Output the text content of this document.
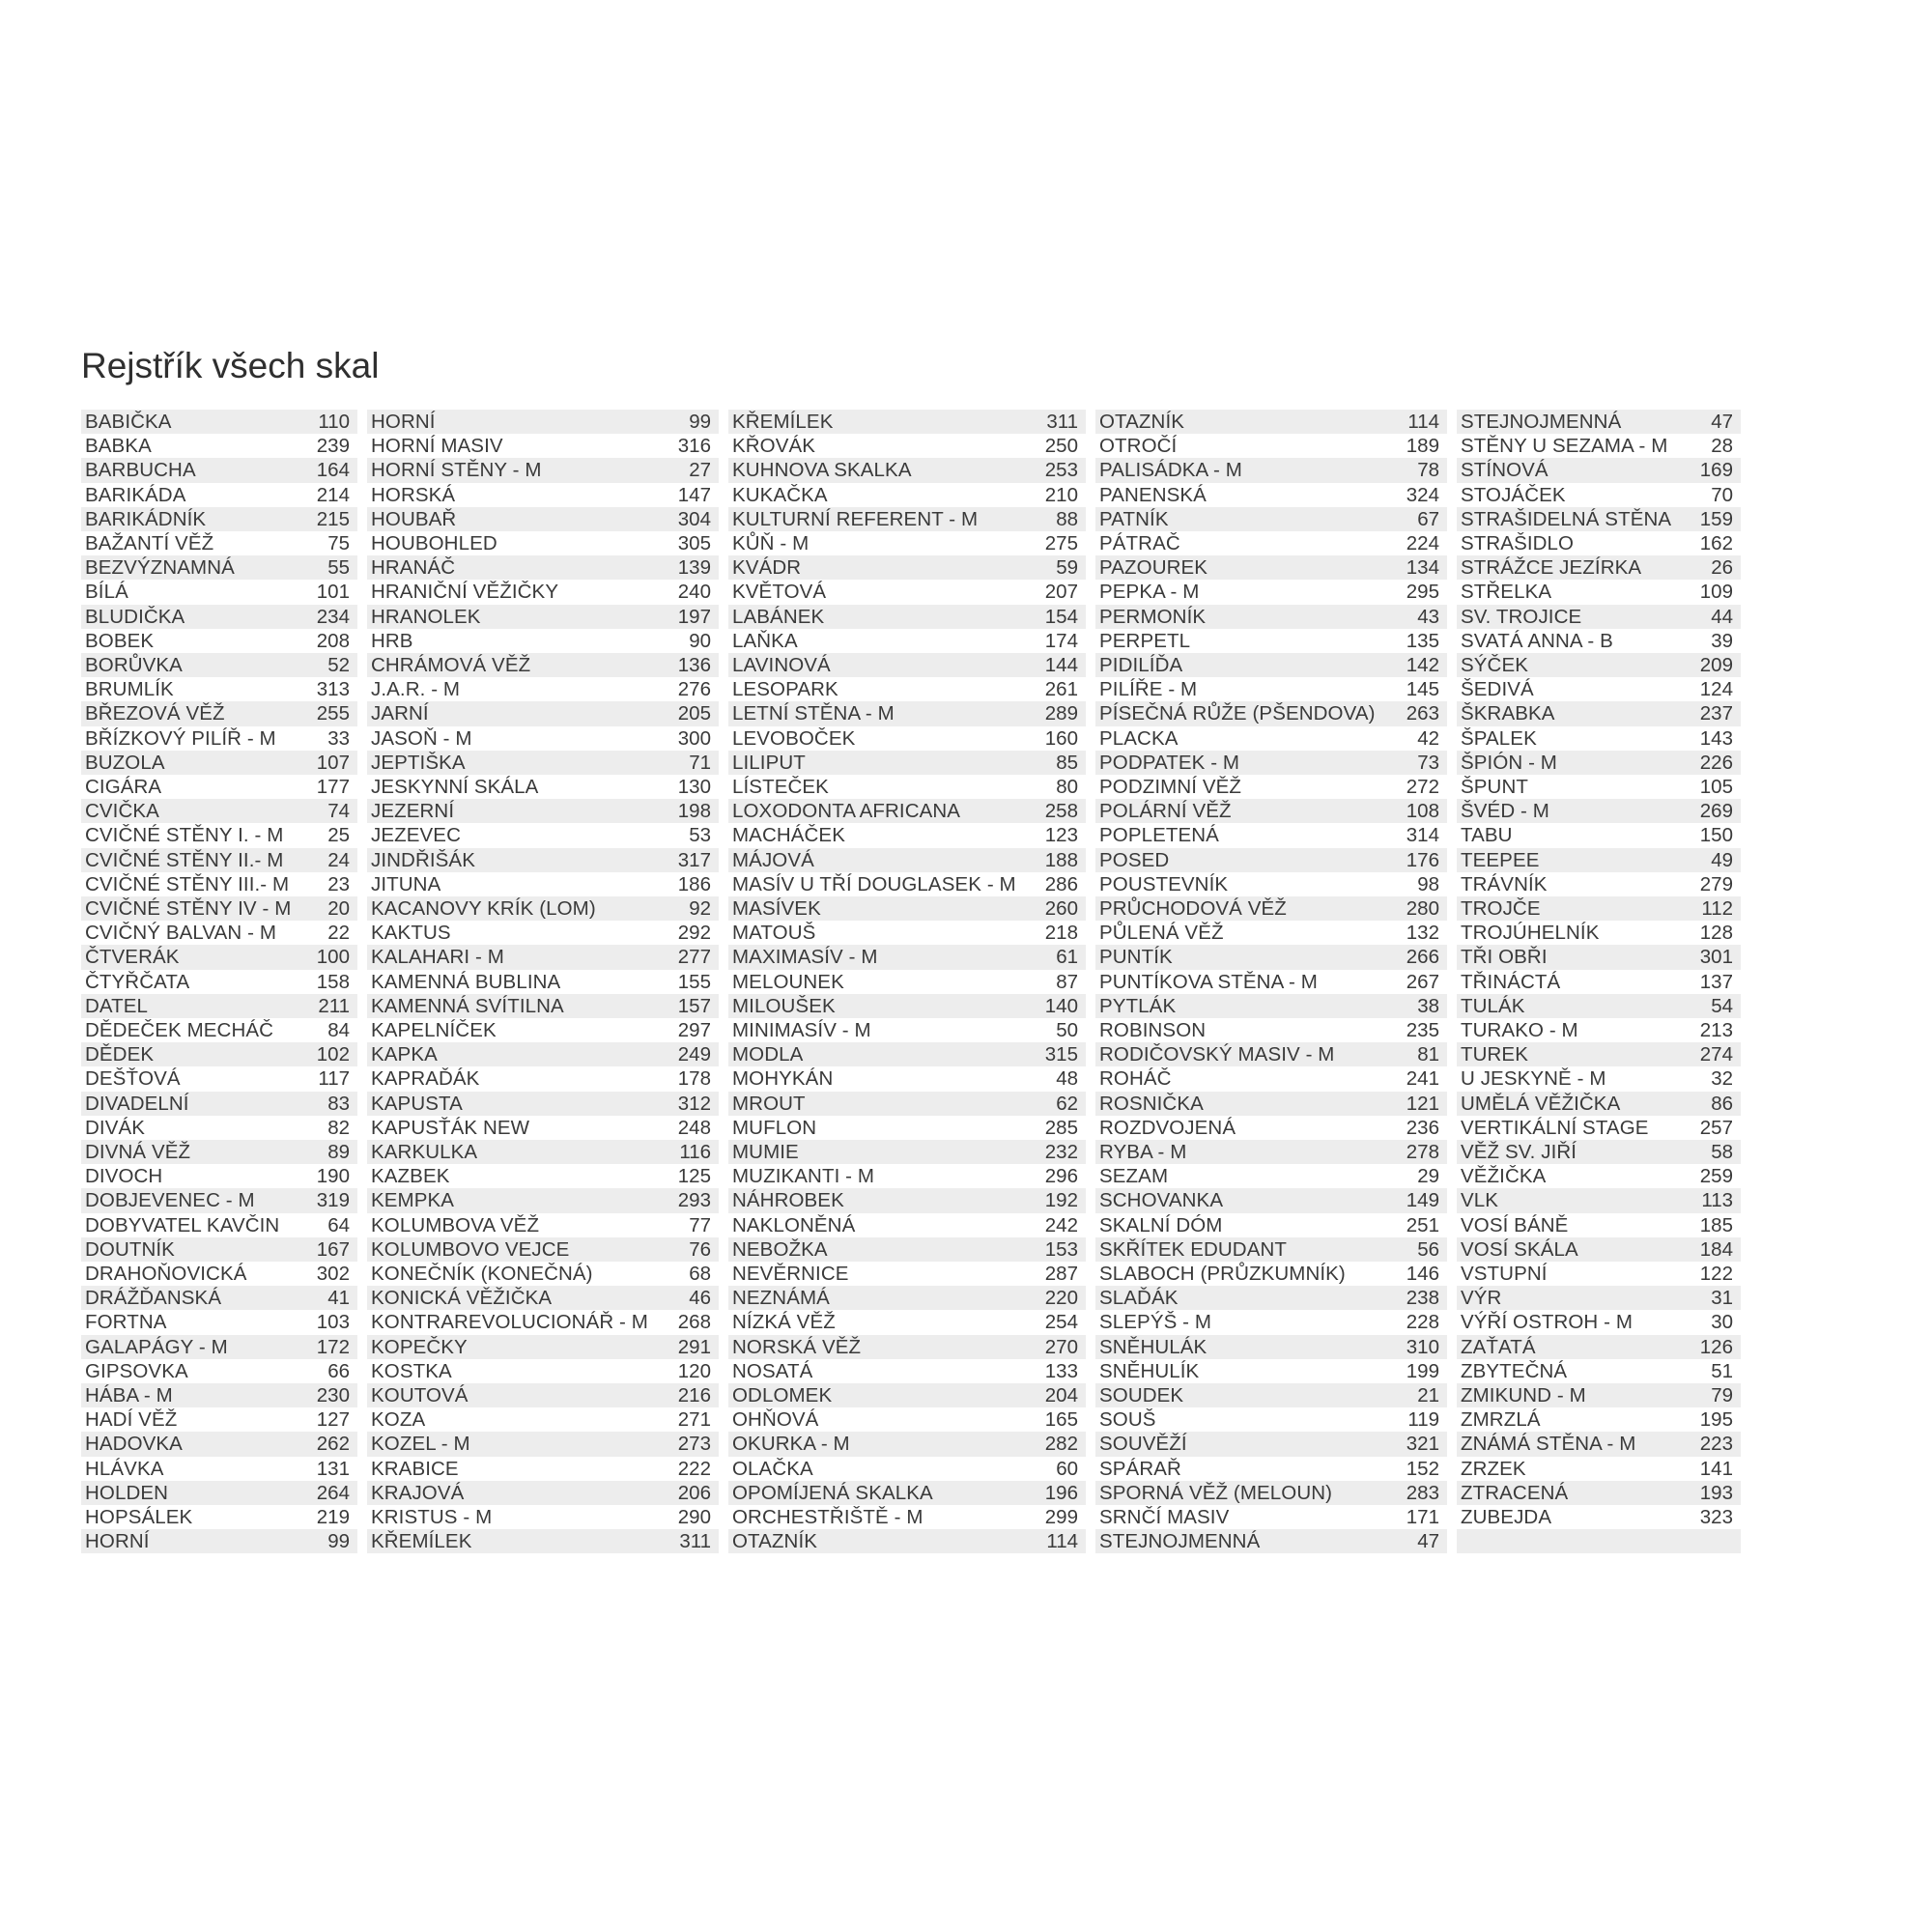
Rejstřík všech skal
BABIČKA	110
BABKA	239
BARBUCHA	164
BARIKÁDA	214
BARIKÁDNÍK	215
BAŽANTÍ VĚŽ	75
BEZVÝZNAMNÁ	55
BÍLÁ	101
BLUDIČKA	234
BOBEK	208
BORŮVKA	52
BRUMLÍK	313
BŘEZOVÁ VĚŽ	255
BŘÍZKOVÝ PILÍŘ - M	33
BUZOLA	107
CIGÁRA	177
CVIČKA	74
CVIČNÉ STĚNY I. - M 25
CVIČNÉ STĚNY II.- M 24
CVIČNÉ STĚNY III.- M 23
CVIČNÉ STĚNY IV - M 20
CVIČNÝ BALVAN - M	22
ČTVERÁK	100
ČTYŘČATA	158
DATEL	211
DĚDEČEK MECHÁČ	84
DĚDEK	102
DEŠŤOVÁ	117
DIVADELNÍ	83
DIVÁK	82
DIVNÁ VĚŽ	89
DIVOCH	190
DOBJEVENEC - M	319
DOBYVATEL KAVČIN 64
DOUTNÍK	167
DRAHOŇOVICKÁ	302
DRÁŽĎANSKÁ	41
FORTNA	103
GALAPÁGY - M	172
GIPSOVKA	66
HÁBA - M	230
HADÍ VĚŽ	127
HADOVKA	262
HLÁVKA	131
HOLDEN	264
HOPSÁLEK	219
HORNÍ	99
HORNÍ	99
HORNÍ MASIV	316
HORNÍ STĚNY - M	27
HORSKÁ	147
HOUBAŘ	304
HOUBOHLED	305
HRANÁČ	139
HRANIČNÍ VĚŽIČKY	240
HRANOLEK	197
HRB	90
CHRÁMOVÁ VĚŽ	136
J.A.R. - M	276
JARNÍ	205
JASOŇ - M	300
JEPTIŠKA	71
JESKYNNÍ SKÁLA	130
JEZERNÍ	198
JEZEVEC	53
JINDŘIŠÁK	317
JITUNA	186
KACANOVY KRÍK (LOM)	92
KAKTUS	292
KALAHARI - M	277
KAMENNÁ BUBLINA	155
KAMENNÁ SVÍTILNA	157
KAPELNÍČEK	297
KAPKA	249
KAPRAĎÁK	178
KAPUSTA	312
KAPUSŤÁK NEW	248
KARKULKA	116
KAZBEK	125
KEMPKA	293
KOLUMBOVA VĚŽ	77
KOLUMBOVO VEJCE	76
KONEČNÍK (KONEČNÁ)	68
KONICKÁ VĚŽIČKA	46
KONTRAREVOLUCIONÁŘ - M 268
KOPEČKY	291
KOSTKA	120
KOUTOVÁ	216
KOZA	271
KOZEL - M	273
KRABICE	222
KRAJOVÁ	206
KRISTUS - M	290
KŘEMÍLEK	311
KŘEMÍLEK	311
KŘOVÁK	250
KUHNOVA SKALKA	253
KUKAČKA	210
KULTURNÍ REFERENT - M	88
KŮŇ - M	275
KVÁDR	59
KVĚTOVÁ	207
LABÁNEK	154
LAŇKA	174
LAVINOVÁ	144
LESOPARK	261
LETNÍ STĚNA - M	289
LEVOBOČEK	160
LILIPUT	85
LÍSTEČEK	80
LOXODONTA AFRICANA	258
MACHÁČEK	123
MÁJOVÁ	188
MASÍV U TŘÍ DOUGLASEK - M 286
MASÍVEK	260
MATOUŠ	218
MAXIMASÍV - M	61
MELOUNEK	87
MILOUŠEK	140
MINIMASÍV - M	50
MODLA	315
MOHYKÁN	48
MROUT	62
MUFLON	285
MUMIE	232
MUZIKANTI - M	296
NÁHROBEK	192
NAKLONĚNÁ	242
NEBOŽKA	153
NEVĚRNICE	287
NEZNÁMÁ	220
NÍZKÁ VĚŽ	254
NORSKÁ VĚŽ	270
NOSATÁ	133
ODLOMEK	204
OHŇOVÁ	165
OKURKA - M	282
OLAČKA	60
OPOMÍJENÁ SKALKA	196
ORCHESTŘIŠTĚ - M	299
OTAZNÍK	114
OTAZNÍK	114
OTROČÍ	189
PALISÁDKA - M	78
PANENSKÁ	324
PATNÍK	67
PÁTRAČ	224
PAZOUREK	134
PEPKA - M	295
PERMONÍK	43
PERPETL	135
PIDILÍĎA	142
PILÍŘE - M	145
PÍSEČNÁ RŮŽE (PŠENDOVA) 263
PLACKA	42
PODPATEK - M	73
PODZIMNÍ VĚŽ	272
POLÁRNÍ VĚŽ	108
POPLETENÁ	314
POSED	176
POUSTEVNÍK	98
PRŮCHODOVÁ VĚŽ	280
PŮLENÁ VĚŽ	132
PUNTÍK	266
PUNTÍKOVA STĚNA - M	267
PYTLÁK	38
ROBINSON	235
RODIČOVSKÝ MASIV - M	81
ROHÁČ	241
ROSNIČKA	121
ROZDVOJENÁ	236
RYBA - M	278
SEZAM	29
SCHOVANKA	149
SKALNÍ DÓM	251
SKŘÍTEK EDUDANT	56
SLABOCH (PRŮZKUMNÍK)	146
SLAĎÁK	238
SLEPÝŠ - M	228
SNĚHULÁK	310
SNĚHULÍK	199
SOUDEK	21
SOUŠ	119
SOUVĚŽÍ	321
SPÁRAŘ	152
SPORNÁ VĚŽ (MELOUN)	283
SRNČÍ MASIV	171
STEJNOJMENNÁ	47
STEJNOJMENNÁ	47
STĚNY U SEZAMA - M 28
STÍNOVÁ	169
STOJÁČEK	70
STRAŠIDELNÁ STĚNA 159
STRAŠIDLO	162
STRÁŽCE JEZÍRKA	26
STŘELKA	109
SV. TROJICE	44
SVATÁ ANNA - B	39
SÝČEK	209
ŠEDIVÁ	124
ŠKRABKA	237
ŠPALEK	143
ŠPIÓN - M	226
ŠPUNT	105
ŠVÉD - M	269
TABU	150
TEEPEE	49
TRÁVNÍK	279
TROJČE	112
TROJÚHELNÍK	128
TŘI OBŘI	301
TŘINÁCTÁ	137
TULÁK	54
TURAKO - M	213
TUREK	274
U JESKYNĚ - M	32
UMĚLÁ VĚŽIČKA	86
VERTIKÁLNÍ STAGE	257
VĚŽ SV. JIŘÍ	58
VĚŽIČKA	259
VLK	113
VOSÍ BÁNĚ	185
VOSÍ SKÁLA	184
VSTUPNÍ	122
VÝR	31
VÝŘÍ OSTROH - M	30
ZAŤATÁ	126
ZBYTEČNÁ	51
ZMIKUND - M	79
ZMRZLÁ	195
ZNÁMÁ STĚNA - M	223
ZRZEK	141
ZTRACENÁ	193
ZUBEJDA	323
